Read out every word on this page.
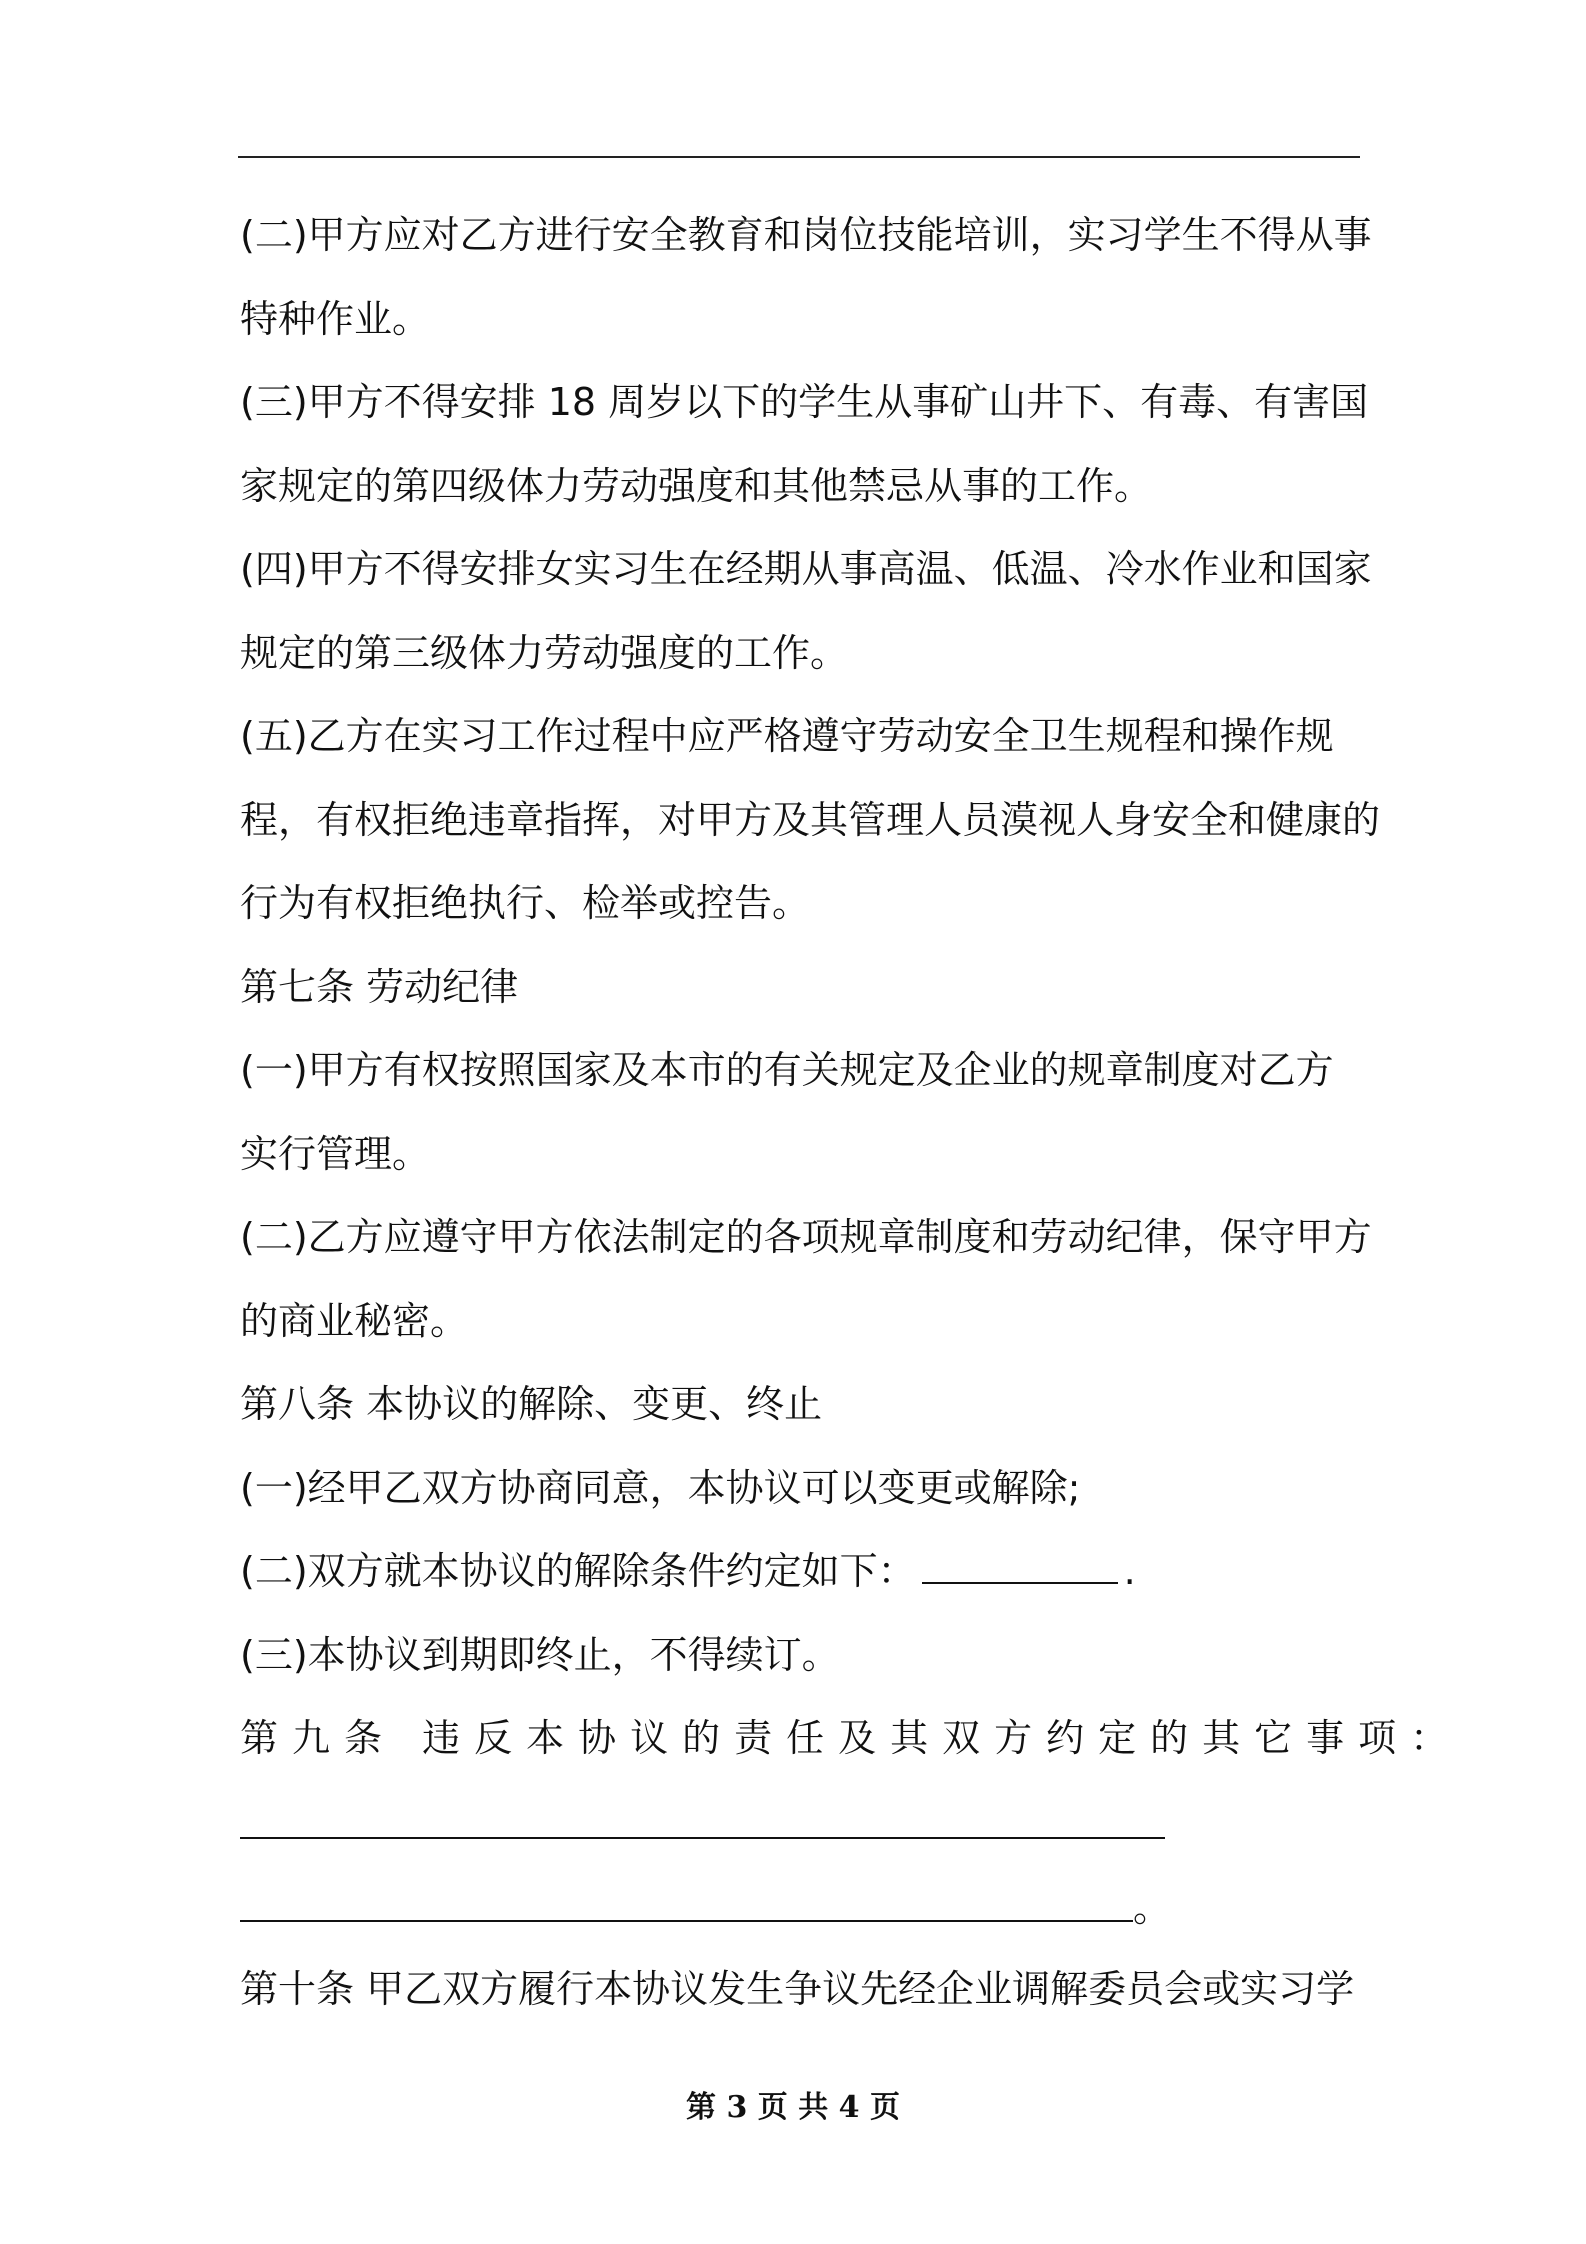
(二)甲方应对乙方进行安全教育和岗位技能培训，实习学生不得从事
特种作业。
(三)甲方不得安排 18 周岁以下的学生从事矿山井下、有毒、有害国
家规定的第四级体力劳动强度和其他禁忌从事的工作。
(四)甲方不得安排女实习生在经期从事高温、低温、冷水作业和国家
规定的第三级体力劳动强度的工作。
(五)乙方在实习工作过程中应严格遵守劳动安全卫生规程和操作规
程，有权拒绝违章指挥，对甲方及其管理人员漠视人身安全和健康的
行为有权拒绝执行、检举或控告。
第七条 劳动纪律
(一)甲方有权按照国家及本市的有关规定及企业的规章制度对乙方
实行管理。
(二)乙方应遵守甲方依法制定的各项规章制度和劳动纪律，保守甲方
的商业秘密。
第八条 本协议的解除、变更、终止
(一)经甲乙双方协商同意，本协议可以变更或解除;
(二)双方就本协议的解除条件约定如下：	.
(三)本协议到期即终止，不得续订。
第九条 违反本协议的责任及其双方约定的其它事项：
。
第十条 甲乙双方履行本协议发生争议先经企业调解委员会或实习学
第 3 页 共 4 页
